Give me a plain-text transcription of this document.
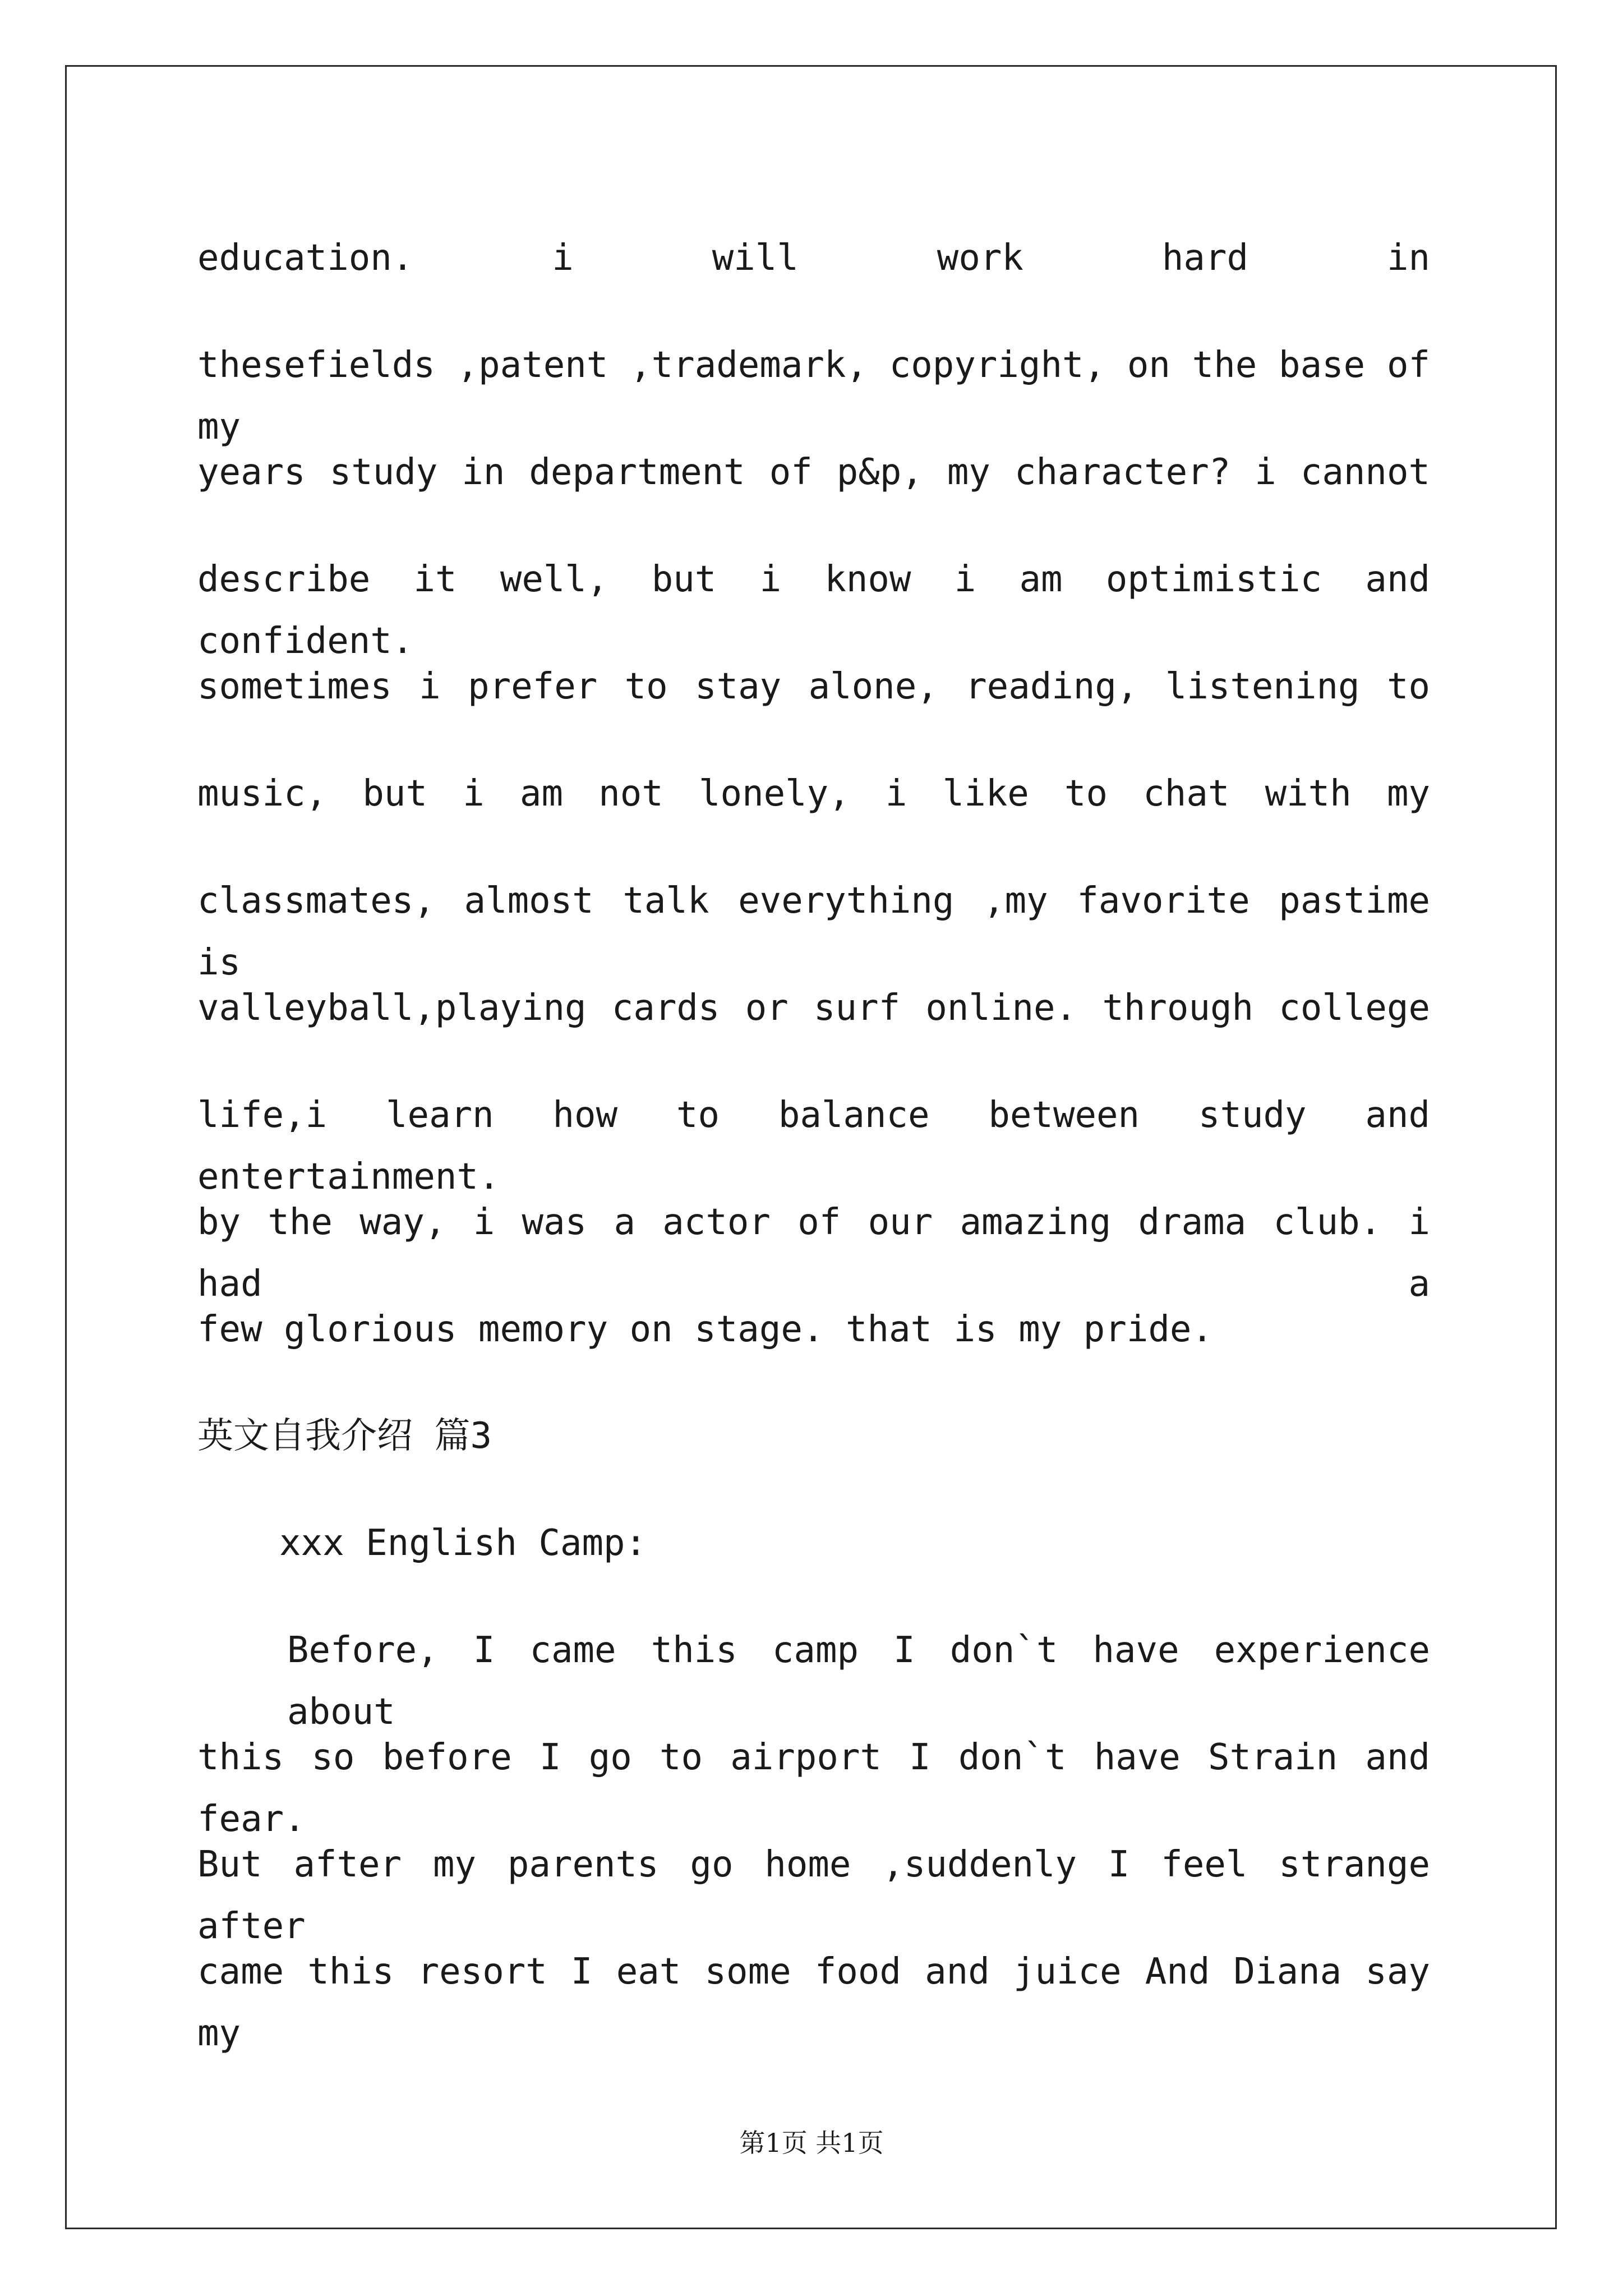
education. i will work hard in
thesefields ,patent ,trademark, copyright, on the base of my
years study in department of p&p, my character? i cannot
describe it well, but i know i am optimistic and confident.
sometimes i prefer to stay alone, reading, listening to
music, but i am not lonely, i like to chat with my
classmates, almost talk everything ,my favorite pastime is
valleyball,playing cards or surf online. through college
life,i learn how to balance between study and entertainment.
by the way, i was a actor of our amazing drama club. i had a
few glorious memory on stage. that is my pride.
英文自我介绍 篇3
xxx English Camp:
Before, I came this camp I don`t have experience about
this so before I go to airport I don`t have Strain and fear.
But after my parents go home ,suddenly I feel strange after
came this resort I eat some food and juice And Diana say my
第1页 共1页
